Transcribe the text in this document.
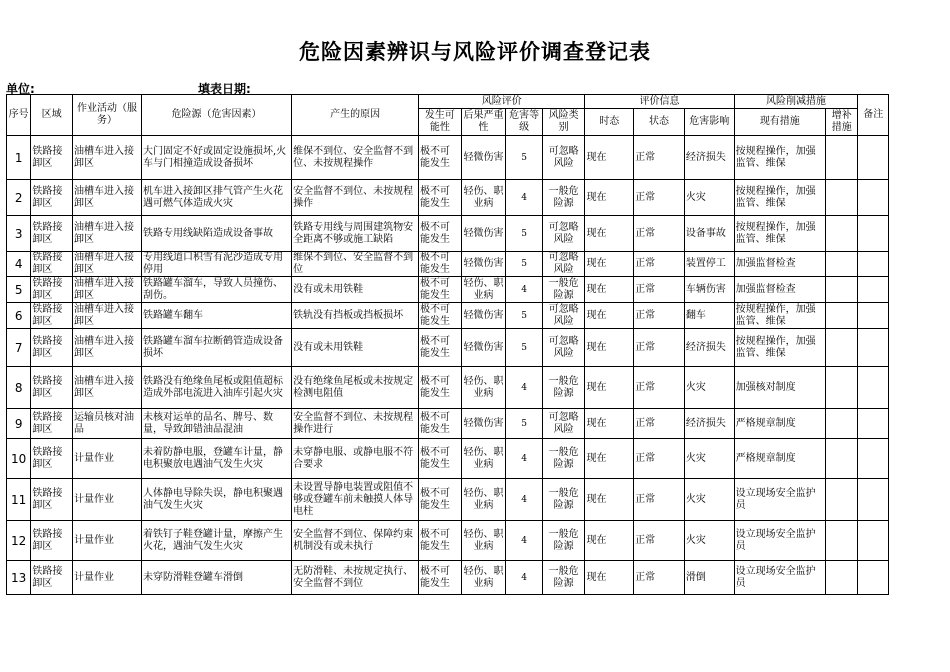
危险因素辨识与风险评价调查登记表
单位:	填表日期:
序号	区域	作业活动（服务）	危险源（危害因素）	产生的原因	风险评价				评价信息			风险削减措施		备注
					发生可能性	后果严重性	危害等级	风险类别	时态	状态	危害影响	现有措施	增补措施	
1	铁路接卸区	油槽车进入接卸区	大门固定不好或固定设施损坏,火车与门相撞造成设备损坏	维保不到位、安全监督不到位、未按规程操作	极不可能发生	轻微伤害	5	可忽略风险	现在	正常	经济损失	按规程操作，加强监管、维保		
2	铁路接卸区	油槽车进入接卸区	机车进入接卸区排气管产生火花遇可燃气体造成火灾	安全监督不到位、未按规程操作	极不可能发生	轻伤、职业病	4	一般危险源	现在	正常	火灾	按规程操作，加强监管、维保		
3	铁路接卸区	油槽车进入接卸区	铁路专用线缺陷造成设备事故	铁路专用线与周围建筑物安全距离不够或施工缺陷	极不可能发生	轻微伤害	5	可忽略风险	现在	正常	设备事故	按规程操作，加强监管、维保		
4	铁路接卸区	油槽车进入接卸区	专用线道口积雪有泥沙造成专用停用	维保不到位、安全监督不到位	极不可能发生	轻微伤害	5	可忽略风险	现在	正常	装置停工	加强监督检查		
5	铁路接卸区	油槽车进入接卸区	铁路罐车溜车，导致人员撞伤、刮伤。	没有或未用铁鞋	极不可能发生	轻伤、职业病	4	一般危险源	现在	正常	车辆伤害	加强监督检查		
6	铁路接卸区	油槽车进入接卸区	铁路罐车翻车	铁轨没有挡板或挡板损坏	极不可能发生	轻微伤害	5	可忽略风险	现在	正常	翻车	按规程操作，加强监管、维保		
7	铁路接卸区	油槽车进入接卸区	铁路罐车溜车拉断鹤管造成设备损坏	没有或未用铁鞋	极不可能发生	轻微伤害	5	可忽略风险	现在	正常	经济损失	按规程操作，加强监管、维保		
8	铁路接卸区	油槽车进入接卸区	铁路没有绝缘鱼尾板或阻值超标造成外部电流进入油库引起火灾	没有绝缘鱼尾板或未按规定检测电阻值	极不可能发生	轻伤、职业病	4	一般危险源	现在	正常	火灾	加强核对制度		
9	铁路接卸区	运输员核对油品	未核对运单的品名、牌号、数量，导致卸错油品混油	安全监督不到位、未按规程操作进行	极不可能发生	轻微伤害	5	可忽略风险	现在	正常	经济损失	严格规章制度		
10	铁路接卸区	计量作业	未着防静电服，登罐车计量，静电积聚放电遇油气发生火灾	未穿静电服、或静电服不符合要求	极不可能发生	轻伤、职业病	4	一般危险源	现在	正常	火灾	严格规章制度		
11	铁路接卸区	计量作业	人体静电导除失误，静电积聚遇油气发生火灾	未设置导静电装置或阻值不够或登罐车前未触摸人体导电柱	极不可能发生	轻伤、职业病	4	一般危险源	现在	正常	火灾	设立现场安全监护员		
12	铁路接卸区	计量作业	着铁钉子鞋登罐计量，摩擦产生火花，遇油气发生火灾	安全监督不到位、保障约束机制没有或未执行	极不可能发生	轻伤、职业病	4	一般危险源	现在	正常	火灾	设立现场安全监护员		
13	铁路接卸区	计量作业	未穿防滑鞋登罐车滑倒	无防滑鞋、未按规定执行、安全监督不到位	极不可能发生	轻伤、职业病	4	一般危险源	现在	正常	滑倒	设立现场安全监护员		
